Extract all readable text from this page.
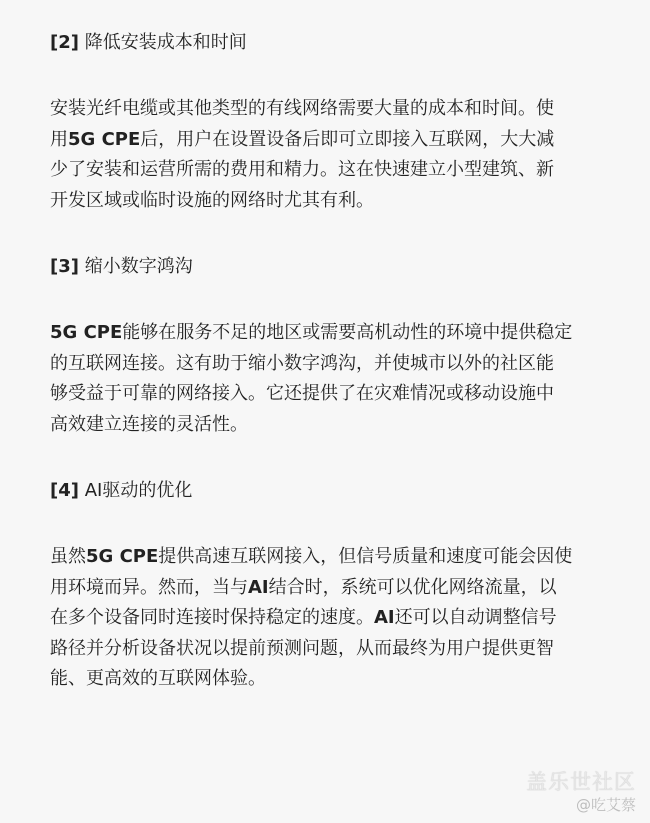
[2] 降低安装成本和时间

安装光纤电缆或其他类型的有线网络需要大量的成本和时间。使
用5G CPE后，用户在设置设备后即可立即接入互联网，大大减
少了安装和运营所需的费用和精力。这在快速建立小型建筑、新
开发区域或临时设施的网络时尤其有利。

[3] 缩小数字鸿沟

5G CPE能够在服务不足的地区或需要高机动性的环境中提供稳定
的互联网连接。这有助于缩小数字鸿沟，并使城市以外的社区能
够受益于可靠的网络接入。它还提供了在灾难情况或移动设施中
高效建立连接的灵活性。

[4] AI驱动的优化

虽然5G CPE提供高速互联网接入，但信号质量和速度可能会因使
用环境而异。然而，当与AI结合时，系统可以优化网络流量，以
在多个设备同时连接时保持稳定的速度。AI还可以自动调整信号
路径并分析设备状况以提前预测问题，从而最终为用户提供更智
能、更高效的互联网体验。

盖乐世社区
@吃艾蔡
